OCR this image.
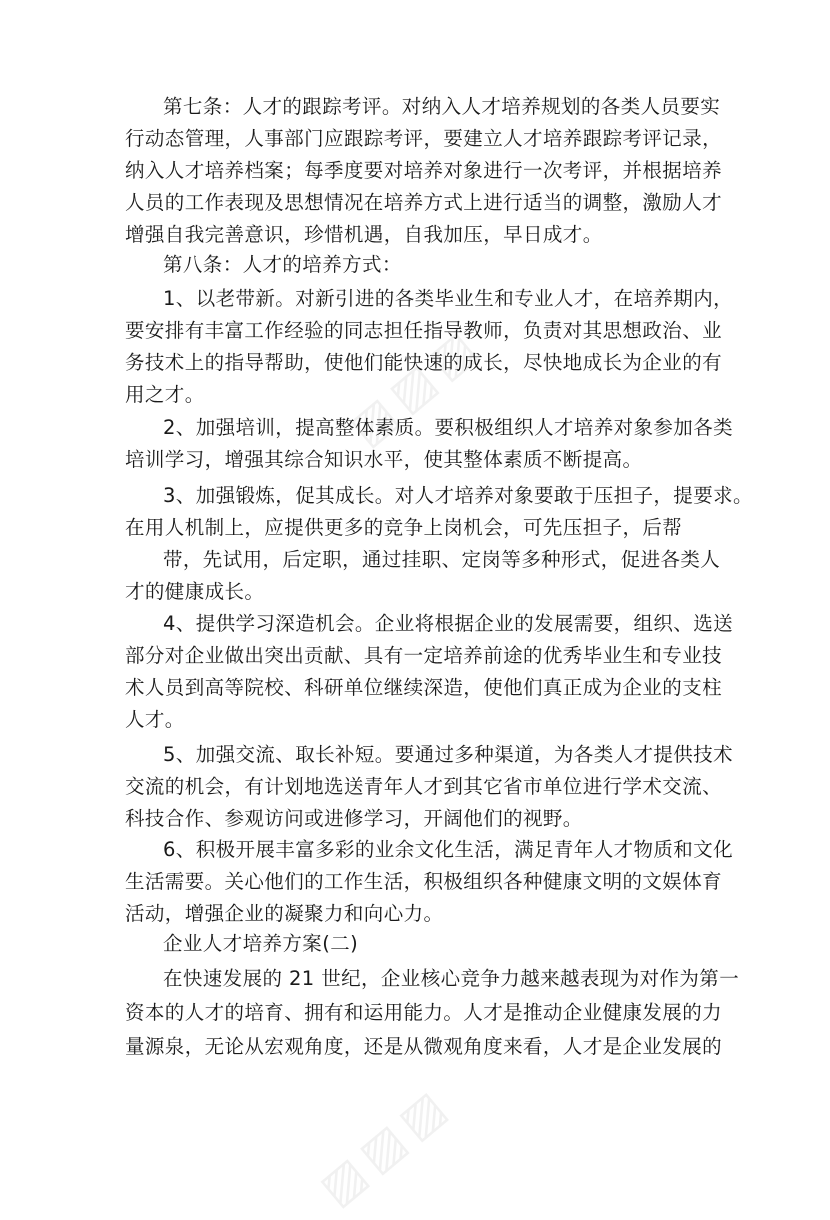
▨▨▨
▨▨▨
第七条：人才的跟踪考评。对纳入人才培养规划的各类人员要实
行动态管理，人事部门应跟踪考评，要建立人才培养跟踪考评记录，
纳入人才培养档案；每季度要对培养对象进行一次考评，并根据培养
人员的工作表现及思想情况在培养方式上进行适当的调整，激励人才
增强自我完善意识，珍惜机遇，自我加压，早日成才。
第八条：人才的培养方式：
1、以老带新。对新引进的各类毕业生和专业人才，在培养期内，
要安排有丰富工作经验的同志担任指导教师，负责对其思想政治、业
务技术上的指导帮助，使他们能快速的成长，尽快地成长为企业的有
用之才。
2、加强培训，提高整体素质。要积极组织人才培养对象参加各类
培训学习，增强其综合知识水平，使其整体素质不断提高。
3、加强锻炼，促其成长。对人才培养对象要敢于压担子，提要求。
在用人机制上，应提供更多的竞争上岗机会，可先压担子，后帮
带，先试用，后定职，通过挂职、定岗等多种形式，促进各类人
才的健康成长。
4、提供学习深造机会。企业将根据企业的发展需要，组织、选送
部分对企业做出突出贡献、具有一定培养前途的优秀毕业生和专业技
术人员到高等院校、科研单位继续深造，使他们真正成为企业的支柱
人才。
5、加强交流、取长补短。要通过多种渠道，为各类人才提供技术
交流的机会，有计划地选送青年人才到其它省市单位进行学术交流、
科技合作、参观访问或进修学习，开阔他们的视野。
6、积极开展丰富多彩的业余文化生活，满足青年人才物质和文化
生活需要。关心他们的工作生活，积极组织各种健康文明的文娱体育
活动，增强企业的凝聚力和向心力。
企业人才培养方案(二)
在快速发展的 21 世纪，企业核心竞争力越来越表现为对作为第一
资本的人才的培育、拥有和运用能力。人才是推动企业健康发展的力
量源泉，无论从宏观角度，还是从微观角度来看，人才是企业发展的
